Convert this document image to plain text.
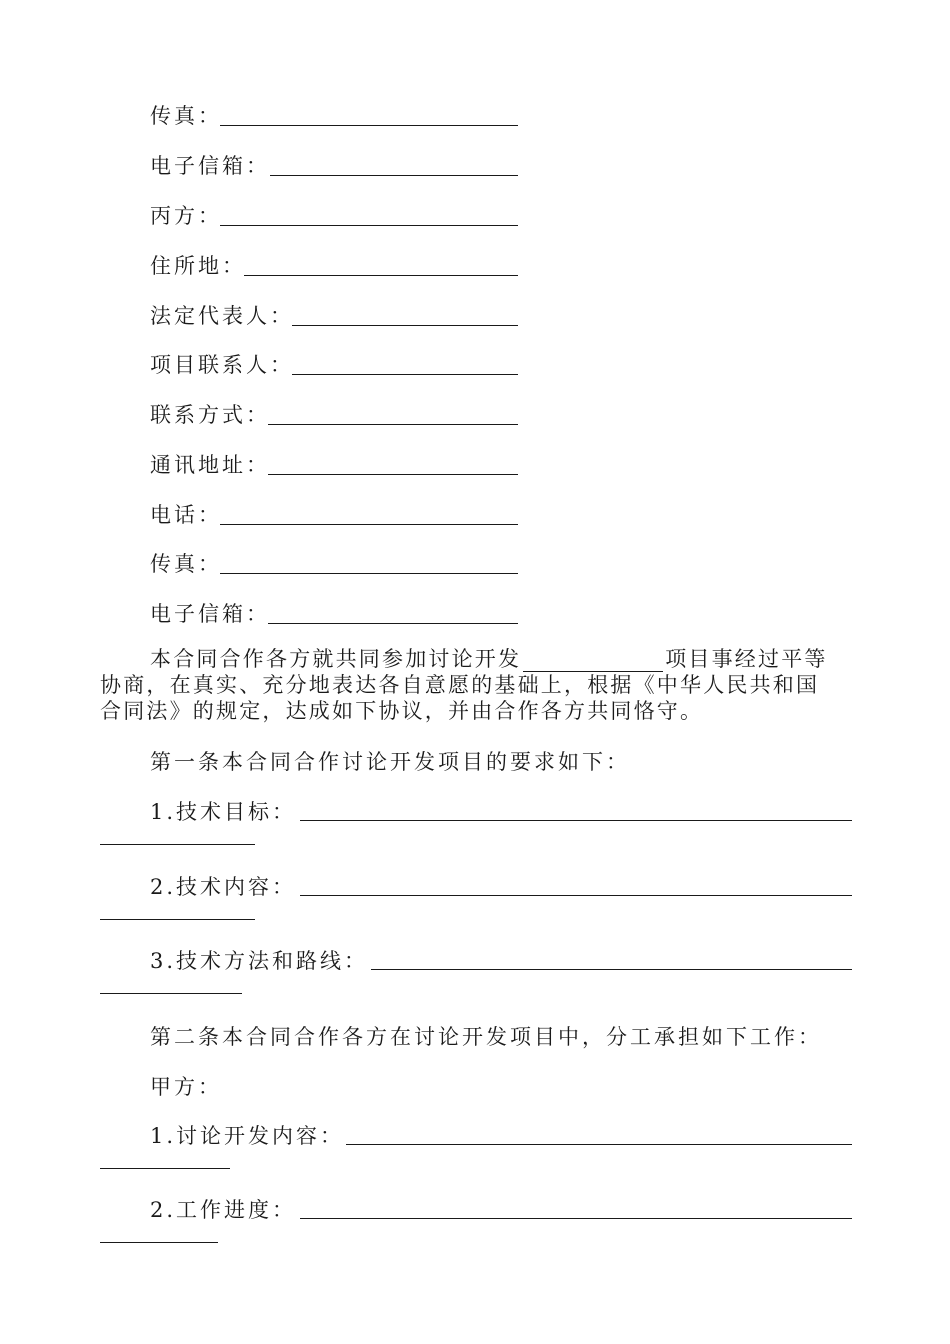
传真：
电子信箱：
丙方：
住所地：
法定代表人：
项目联系人：
联系方式：
通讯地址：
电话：
传真：
电子信箱：
本合同合作各方就共同参加讨论开发	项目事经过平等
协商，在真实、充分地表达各自意愿的基础上，根据《中华人民共和国
合同法》的规定，达成如下协议，并由合作各方共同恪守。
第一条本合同合作讨论开发项目的要求如下：
1.技术目标：
2.技术内容：
3.技术方法和路线：
第二条本合同合作各方在讨论开发项目中，分工承担如下工作：
甲方：
1.讨论开发内容：
2.工作进度：
